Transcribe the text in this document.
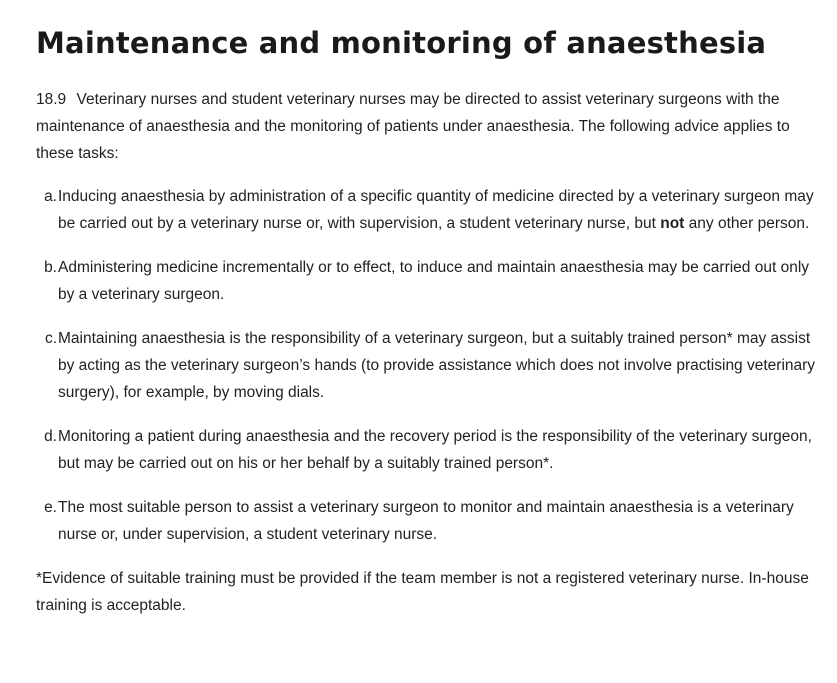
Maintenance and monitoring of anaesthesia

18.9 Veterinary nurses and student veterinary nurses may be directed to assist veterinary surgeons with the maintenance of anaesthesia and the monitoring of patients under anaesthesia. The following advice applies to these tasks:

a. Inducing anaesthesia by administration of a specific quantity of medicine directed by a veterinary surgeon may be carried out by a veterinary nurse or, with supervision, a student veterinary nurse, but not any other person.
b. Administering medicine incrementally or to effect, to induce and maintain anaesthesia may be carried out only by a veterinary surgeon.
c. Maintaining anaesthesia is the responsibility of a veterinary surgeon, but a suitably trained person* may assist by acting as the veterinary surgeon’s hands (to provide assistance which does not involve practising veterinary surgery), for example, by moving dials.
d. Monitoring a patient during anaesthesia and the recovery period is the responsibility of the veterinary surgeon, but may be carried out on his or her behalf by a suitably trained person*.
e. The most suitable person to assist a veterinary surgeon to monitor and maintain anaesthesia is a veterinary nurse or, under supervision, a student veterinary nurse.

*Evidence of suitable training must be provided if the team member is not a registered veterinary nurse. In-house training is acceptable.
